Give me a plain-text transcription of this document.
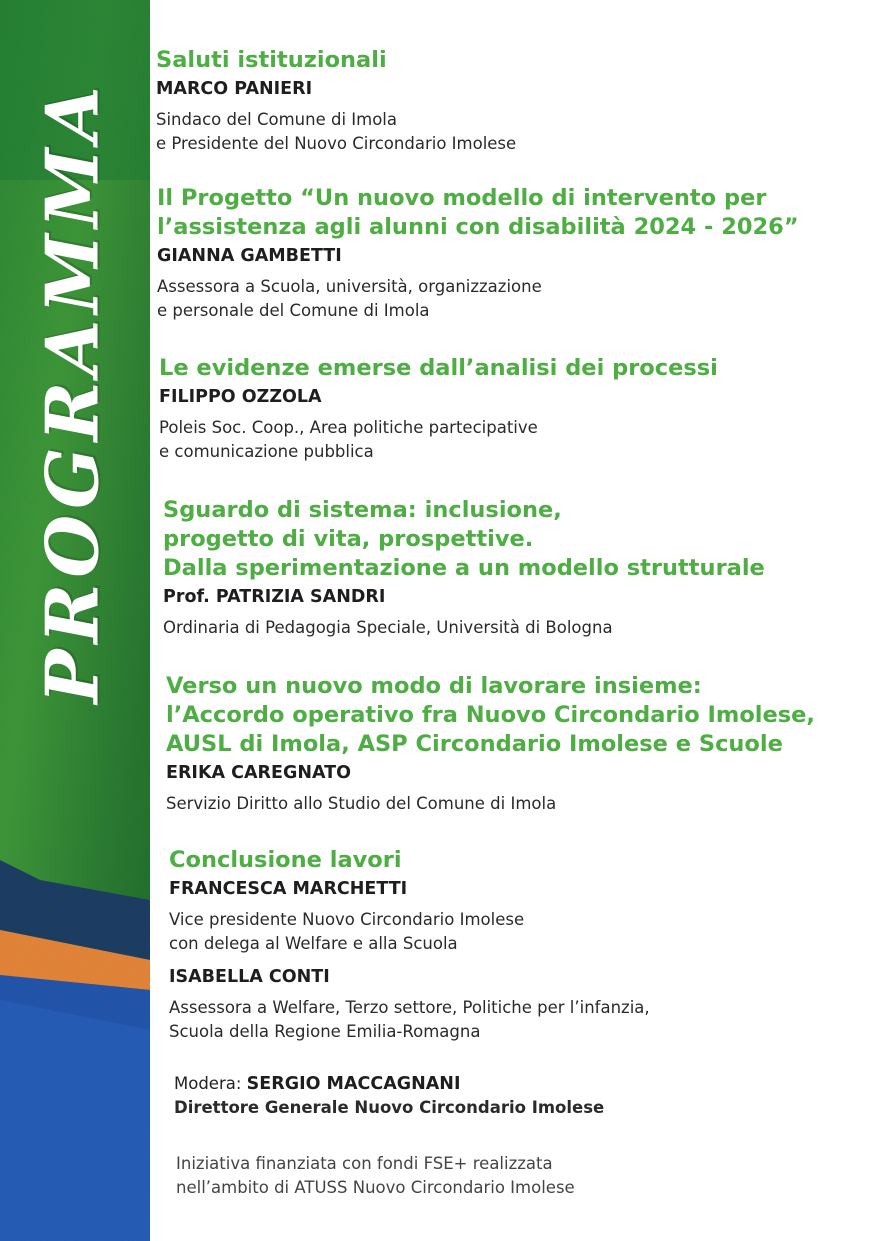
PROGRAMMA
Saluti istituzionali
MARCO PANIERI
Sindaco del Comune di Imola
e Presidente del Nuovo Circondario Imolese
Il Progetto “Un nuovo modello di intervento per
l’assistenza agli alunni con disabilità 2024 - 2026”
GIANNA GAMBETTI
Assessora a Scuola, università, organizzazione
e personale del Comune di Imola
Le evidenze emerse dall’analisi dei processi
FILIPPO OZZOLA
Poleis Soc. Coop., Area politiche partecipative
e comunicazione pubblica
Sguardo di sistema: inclusione,
progetto di vita, prospettive.
Dalla sperimentazione a un modello strutturale
Prof. PATRIZIA SANDRI
Ordinaria di Pedagogia Speciale, Università di Bologna
Verso un nuovo modo di lavorare insieme:
l’Accordo operativo fra Nuovo Circondario Imolese,
AUSL di Imola, ASP Circondario Imolese e Scuole
ERIKA CAREGNATO
Servizio Diritto allo Studio del Comune di Imola
Conclusione lavori
FRANCESCA MARCHETTI
Vice presidente Nuovo Circondario Imolese
con delega al Welfare e alla Scuola
ISABELLA CONTI
Assessora a Welfare, Terzo settore, Politiche per l’infanzia,
Scuola della Regione Emilia-Romagna
Modera: SERGIO MACCAGNANI
Direttore Generale Nuovo Circondario Imolese
Iniziativa finanziata con fondi FSE+ realizzata
nell’ambito di ATUSS Nuovo Circondario Imolese
